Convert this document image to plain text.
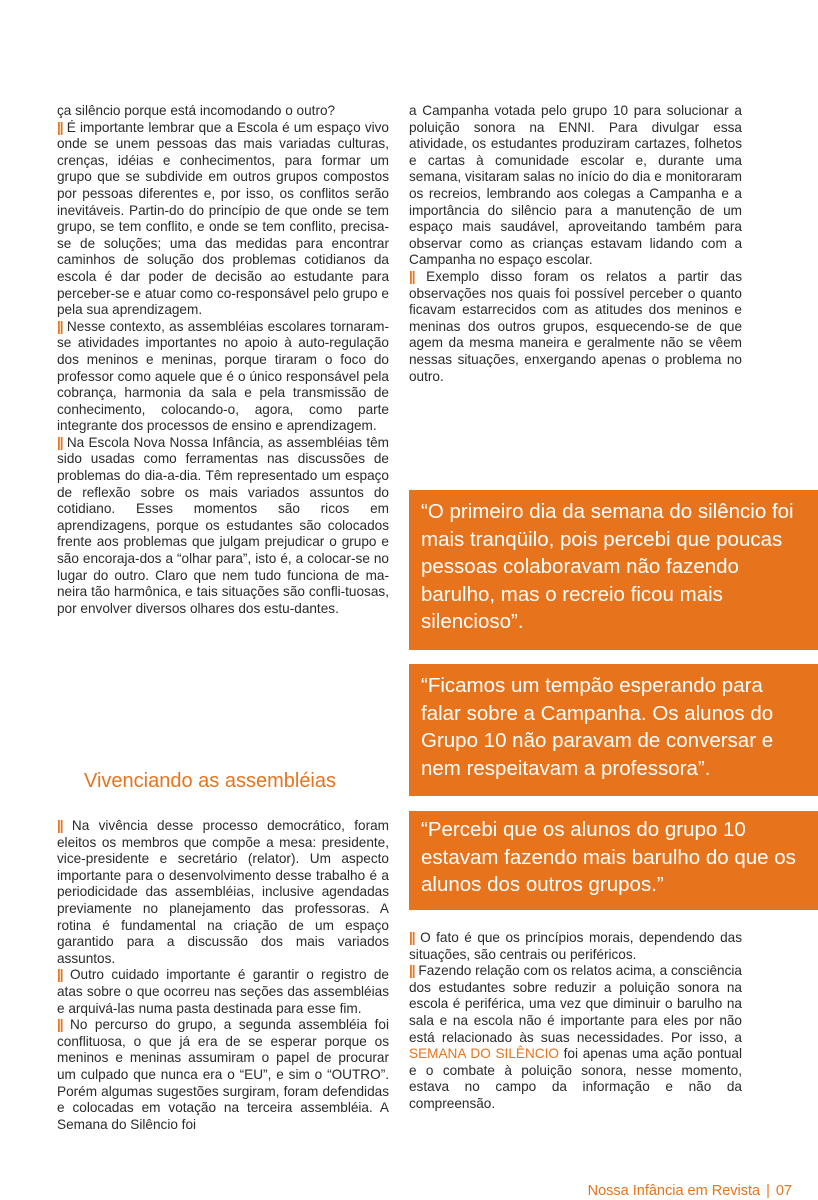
ça silêncio porque está incomodando o outro?

|| É importante lembrar que a Escola é um espaço vivo onde se unem pessoas das mais variadas culturas, crenças, idéias e conhecimentos, para formar um grupo que se subdivide em outros grupos compostos por pessoas diferentes e, por isso, os conflitos serão inevitáveis. Partin-do do princípio de que onde se tem grupo, se tem conflito, e onde se tem conflito, precisa-se de soluções; uma das medidas para encontrar caminhos de solução dos problemas cotidianos da escola é dar poder de decisão ao estudante para perceber-se e atuar como co-responsável pelo grupo e pela sua aprendizagem.

|| Nesse contexto, as assembléias escolares tornaram-se atividades importantes no apoio à auto-regulação dos meninos e meninas, porque tiraram o foco do professor como aquele que é o único responsável pela cobrança, harmonia da sala e pela transmissão de conhecimento, colocando-o, agora, como parte integrante dos processos de ensino e aprendizagem.

|| Na Escola Nova Nossa Infância, as assembléias têm sido usadas como ferramentas nas discussões de problemas do dia-a-dia. Têm representado um espaço de reflexão sobre os mais variados assuntos do cotidiano. Esses momentos são ricos em aprendizagens, porque os estudantes são colocados frente aos problemas que julgam prejudicar o grupo e são encoraja-dos a “olhar para”, isto é, a colocar-se no lugar do outro. Claro que nem tudo funciona de ma-neira tão harmônica, e tais situações são confli-tuosas, por envolver diversos olhares dos estu-dantes.

Vivenciando as assembléias

|| Na vivência desse processo democrático, foram eleitos os membros que compõe a mesa: presidente, vice-presidente e secretário (relator). Um aspecto importante para o desenvolvimento desse trabalho é a periodicidade das assembléias, inclusive agendadas previamente no planejamento das professoras. A rotina é fundamental na criação de um espaço garantido para a discussão dos mais variados assuntos.

|| Outro cuidado importante é garantir o registro de atas sobre o que ocorreu nas seções das assembléias e arquivá-las numa pasta destinada para esse fim.

|| No percurso do grupo, a segunda assembléia foi conflituosa, o que já era de se esperar porque os meninos e meninas assumiram o papel de procurar um culpado que nunca era o “EU”, e sim o “OUTRO”. Porém algumas sugestões surgiram, foram defendidas e colocadas em votação na terceira assembléia. A Semana do Silêncio foi

a Campanha votada pelo grupo 10 para solucionar a poluição sonora na ENNI. Para divulgar essa atividade, os estudantes produziram cartazes, folhetos e cartas à comunidade escolar e, durante uma semana, visitaram salas no início do dia e monitoraram os recreios, lembrando aos colegas a Campanha e a importância do silêncio para a manutenção de um espaço mais saudável, aproveitando também para observar como as crianças estavam lidando com a Campanha no espaço escolar.

|| Exemplo disso foram os relatos a partir das observações nos quais foi possível perceber o quanto ficavam estarrecidos com as atitudes dos meninos e meninas dos outros grupos, esquecendo-se de que agem da mesma maneira e geralmente não se vêem nessas situações, enxergando apenas o problema no outro.

“O primeiro dia da semana do silêncio foi mais tranqüilo, pois percebi que poucas pessoas colaboravam não fazendo barulho, mas o recreio ficou mais silencioso”.
“Ficamos um tempão esperando para falar sobre a Campanha. Os alunos do Grupo 10 não paravam de conversar e nem respeitavam a professora”.
“Percebi que os alunos do grupo 10 estavam fazendo mais barulho do que os alunos dos outros grupos.”

|| O fato é que os princípios morais, dependendo das situações, são centrais ou periféricos.

|| Fazendo relação com os relatos acima, a consciência dos estudantes sobre reduzir a poluição sonora na escola é periférica, uma vez que diminuir o barulho na sala e na escola não é importante para eles por não está relacionado às suas necessidades. Por isso, a SEMANA DO SILÊNCIO foi apenas uma ação pontual e o combate à poluição sonora, nesse momento, estava no campo da informação e não da compreensão.

Nossa Infância em Revista | 07
